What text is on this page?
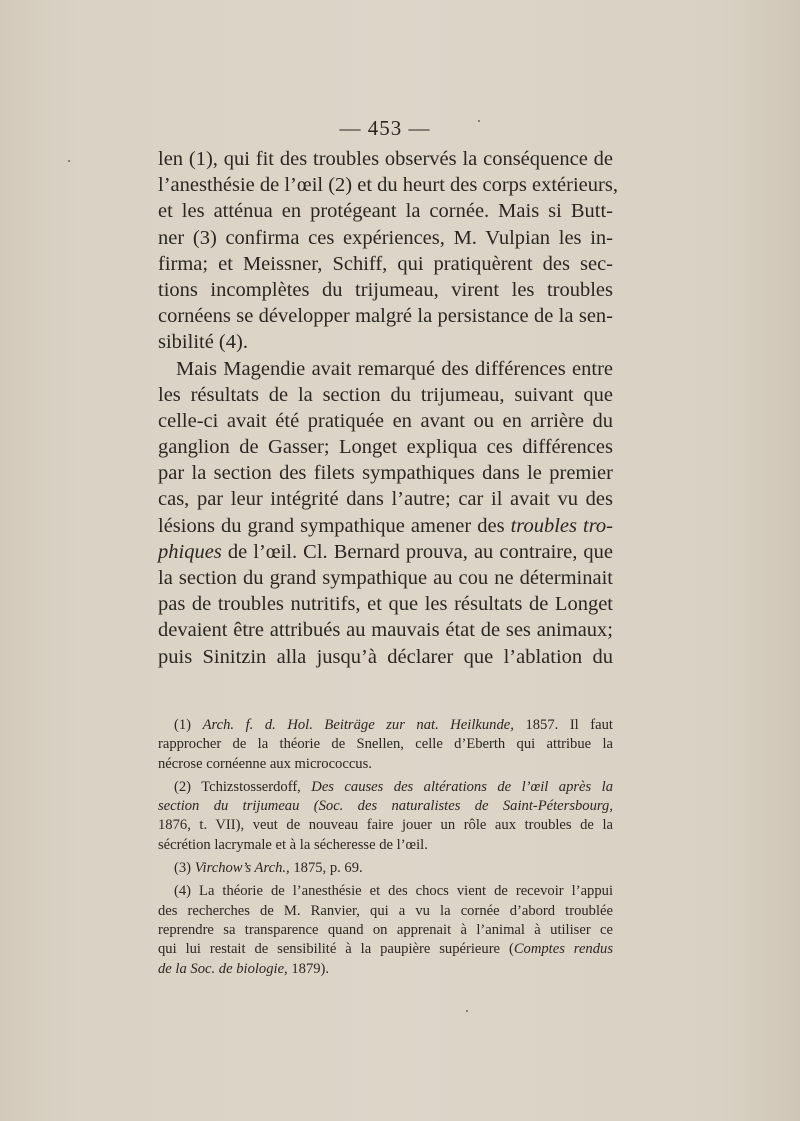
— 453 —

len (1), qui fit des troubles observés la conséquence de
l’anesthésie de l’œil (2) et du heurt des corps extérieurs,
et les atténua en protégeant la cornée. Mais si Butt-
ner (3) confirma ces expériences, M. Vulpian les in-
firma; et Meissner, Schiff, qui pratiquèrent des sec-
tions incomplètes du trijumeau, virent les troubles
cornéens se développer malgré la persistance de la sen-
sibilité (4).

Mais Magendie avait remarqué des différences entre
les résultats de la section du trijumeau, suivant que
celle-ci avait été pratiquée en avant ou en arrière du
ganglion de Gasser; Longet expliqua ces différences
par la section des filets sympathiques dans le premier
cas, par leur intégrité dans l’autre; car il avait vu des
lésions du grand sympathique amener des troubles tro-
phiques de l’œil. Cl. Bernard prouva, au contraire, que
la section du grand sympathique au cou ne déterminait
pas de troubles nutritifs, et que les résultats de Longet
devaient être attribués au mauvais état de ses animaux;
puis Sinitzin alla jusqu’à déclarer que l’ablation du

(1) Arch. f. d. Hol. Beiträge zur nat. Heilkunde, 1857. Il faut
rapprocher de la théorie de Snellen, celle d’Eberth qui attribue la
nécrose cornéenne aux micrococcus.
(2) Tchizstosserdoff, Des causes des altérations de l’œil après la
section du trijumeau (Soc. des naturalistes de Saint-Pétersbourg,
1876, t. VII), veut de nouveau faire jouer un rôle aux troubles de la
sécrétion lacrymale et à la sécheresse de l’œil.
(3) Virchow’s Arch., 1875, p. 69.
(4) La théorie de l’anesthésie et des chocs vient de recevoir l’appui
des recherches de M. Ranvier, qui a vu la cornée d’abord troublée
reprendre sa transparence quand on apprenait à l’animal à utiliser ce
qui lui restait de sensibilité à la paupière supérieure (Comptes rendus
de la Soc. de biologie, 1879).
